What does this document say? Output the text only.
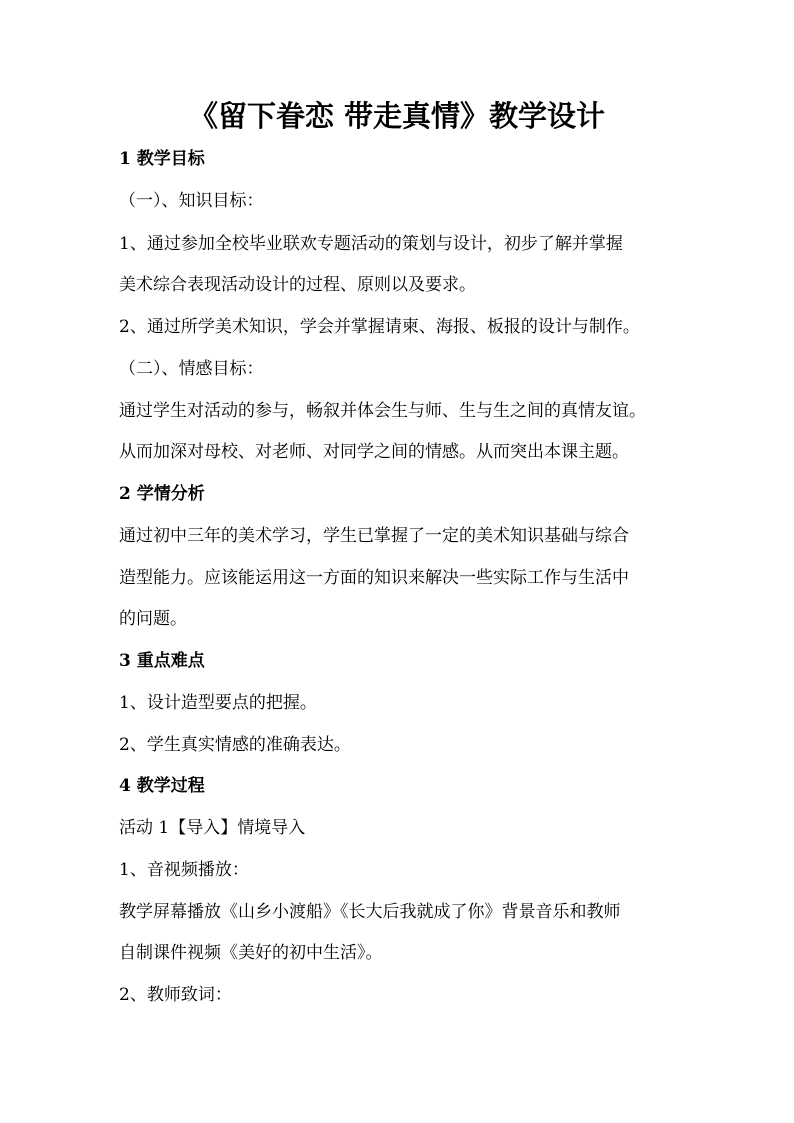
《留下眷恋 带走真情》教学设计
1 教学目标
（一）、知识目标：
1、通过参加全校毕业联欢专题活动的策划与设计，初步了解并掌握
美术综合表现活动设计的过程、原则以及要求。
2、通过所学美术知识，学会并掌握请柬、海报、板报的设计与制作。
（二）、情感目标：
通过学生对活动的参与，畅叙并体会生与师、生与生之间的真情友谊。
从而加深对母校、对老师、对同学之间的情感。从而突出本课主题。
2 学情分析
通过初中三年的美术学习，学生已掌握了一定的美术知识基础与综合
造型能力。应该能运用这一方面的知识来解决一些实际工作与生活中
的问题。
3 重点难点
1、设计造型要点的把握。
2、学生真实情感的准确表达。
4 教学过程
活动 1【导入】情境导入
1、音视频播放：
教学屏幕播放《山乡小渡船》《长大后我就成了你》背景音乐和教师
自制课件视频《美好的初中生活》。
2、教师致词：
